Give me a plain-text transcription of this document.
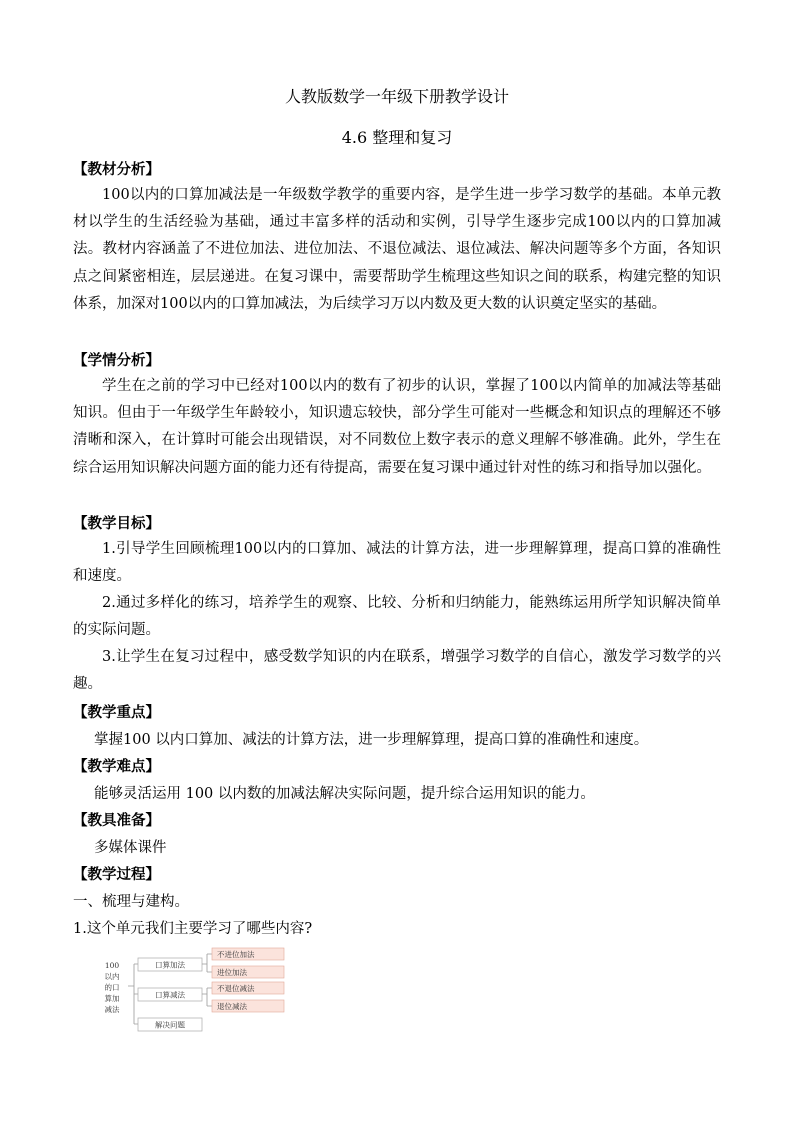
人教版数学一年级下册教学设计
4.6 整理和复习
【教材分析】
100以内的口算加减法是一年级数学教学的重要内容，是学生进一步学习数学的基础。本单元教材以学生的生活经验为基础，通过丰富多样的活动和实例，引导学生逐步完成100以内的口算加减法。教材内容涵盖了不进位加法、进位加法、不退位减法、退位减法、解决问题等多个方面，各知识点之间紧密相连，层层递进。在复习课中，需要帮助学生梳理这些知识之间的联系，构建完整的知识体系，加深对100以内的口算加减法，为后续学习万以内数及更大数的认识奠定坚实的基础。
【学情分析】
学生在之前的学习中已经对100以内的数有了初步的认识，掌握了100以内简单的加减法等基础知识。但由于一年级学生年龄较小，知识遗忘较快，部分学生可能对一些概念和知识点的理解还不够清晰和深入，在计算时可能会出现错误，对不同数位上数字表示的意义理解不够准确。此外，学生在综合运用知识解决问题方面的能力还有待提高，需要在复习课中通过针对性的练习和指导加以强化。
【教学目标】
1.引导学生回顾梳理100以内的口算加、减法的计算方法，进一步理解算理，提高口算的准确性和速度。
2.通过多样化的练习，培养学生的观察、比较、分析和归纳能力，能熟练运用所学知识解决简单的实际问题。
3.让学生在复习过程中，感受数学知识的内在联系，增强学习数学的自信心，激发学习数学的兴趣。
【教学重点】
掌握100 以内口算加、减法的计算方法，进一步理解算理，提高口算的准确性和速度。
【教学难点】
能够灵活运用 100 以内数的加减法解决实际问题，提升综合运用知识的能力。
【教具准备】
多媒体课件
【教学过程】
一、梳理与建构。
1.这个单元我们主要学习了哪些内容?
100
以内
的口
算加
减法
口算加法
口算减法
解决问题
不进位加法
进位加法
不退位减法
退位减法
